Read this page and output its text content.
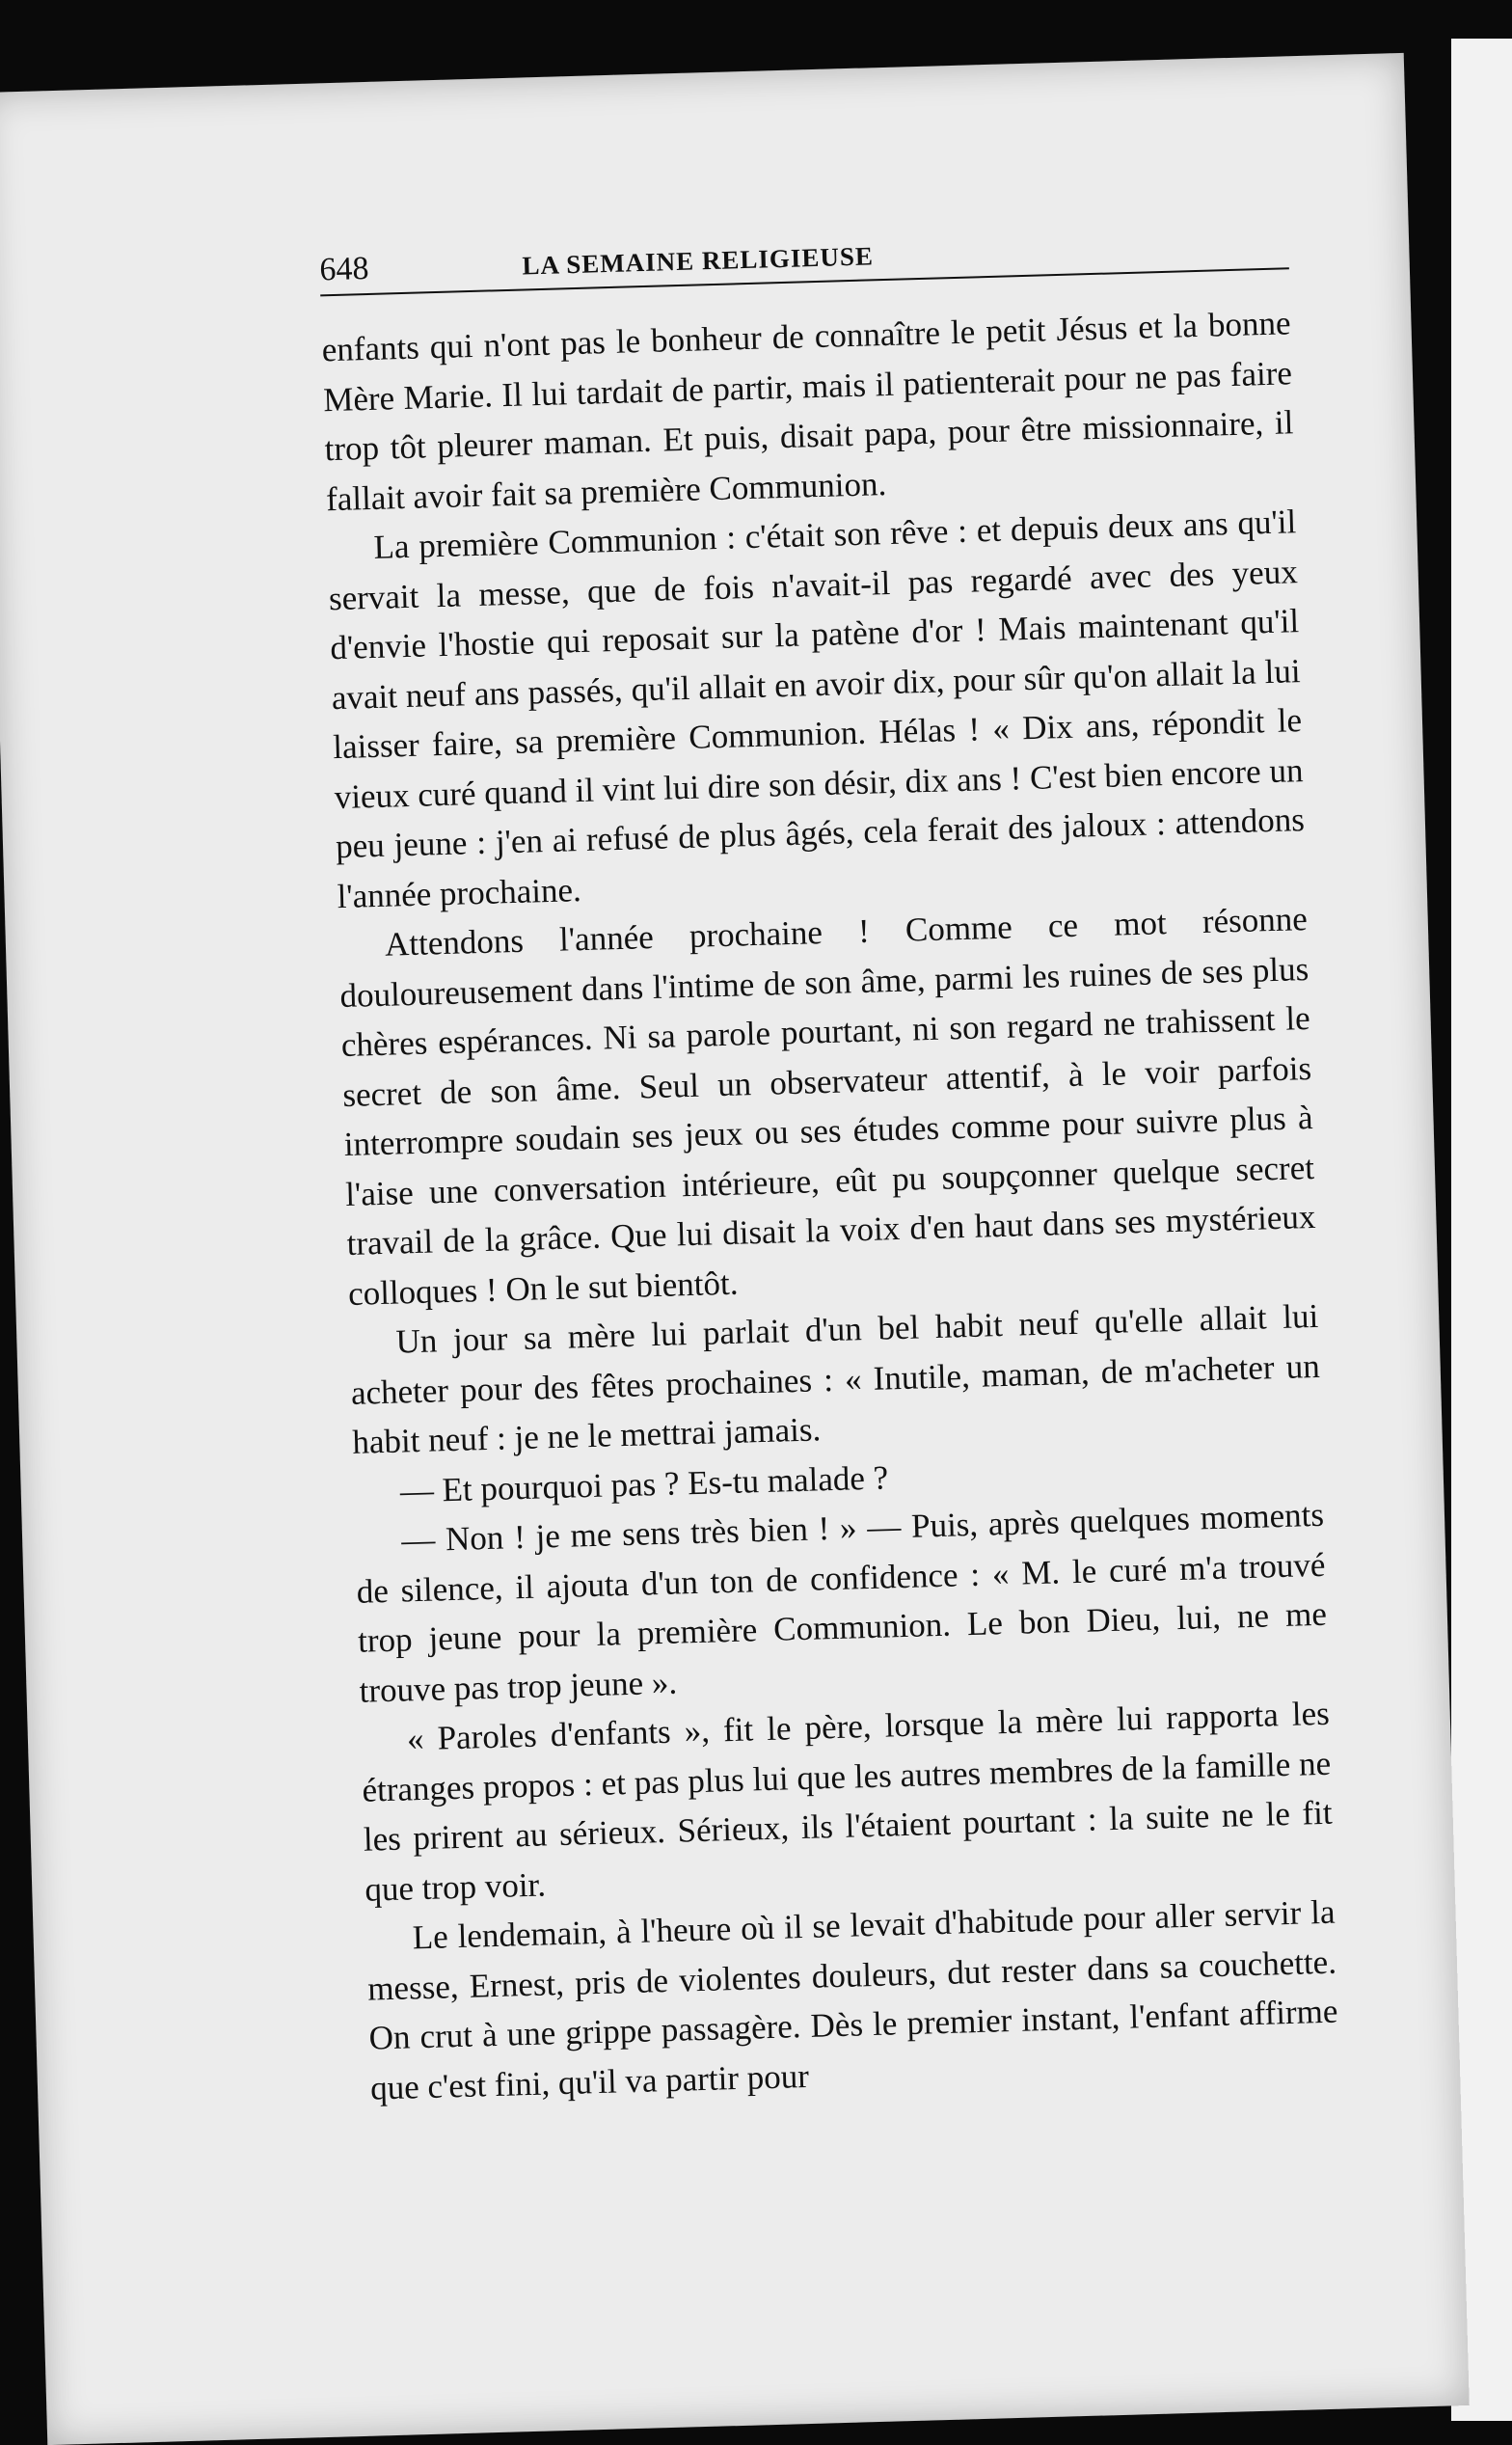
648	LA SEMAINE RELIGIEUSE

enfants qui n'ont pas le bonheur de connaître le petit Jésus et la bonne Mère Marie. Il lui tardait de partir, mais il patienterait pour ne pas faire trop tôt pleurer maman. Et puis, disait papa, pour être missionnaire, il fallait avoir fait sa première Communion.

La première Communion : c'était son rêve : et depuis deux ans qu'il servait la messe, que de fois n'avait-il pas regardé avec des yeux d'envie l'hostie qui reposait sur la patène d'or ! Mais maintenant qu'il avait neuf ans passés, qu'il allait en avoir dix, pour sûr qu'on allait la lui laisser faire, sa première Communion. Hélas ! « Dix ans, répondit le vieux curé quand il vint lui dire son désir, dix ans ! C'est bien encore un peu jeune : j'en ai refusé de plus âgés, cela ferait des jaloux : attendons l'année prochaine.

Attendons l'année prochaine ! Comme ce mot résonne douloureusement dans l'intime de son âme, parmi les ruines de ses plus chères espérances. Ni sa parole pourtant, ni son regard ne trahissent le secret de son âme. Seul un observateur attentif, à le voir parfois interrompre soudain ses jeux ou ses études comme pour suivre plus à l'aise une conversation intérieure, eût pu soupçonner quelque secret travail de la grâce. Que lui disait la voix d'en haut dans ses mystérieux colloques ! On le sut bientôt.

Un jour sa mère lui parlait d'un bel habit neuf qu'elle allait lui acheter pour des fêtes prochaines : « Inutile, maman, de m'acheter un habit neuf : je ne le mettrai jamais.

— Et pourquoi pas ? Es-tu malade ?

— Non ! je me sens très bien ! » — Puis, après quelques moments de silence, il ajouta d'un ton de confidence : « M. le curé m'a trouvé trop jeune pour la première Communion. Le bon Dieu, lui, ne me trouve pas trop jeune ».

« Paroles d'enfants », fit le père, lorsque la mère lui rapporta les étranges propos : et pas plus lui que les autres membres de la famille ne les prirent au sérieux. Sérieux, ils l'étaient pourtant : la suite ne le fit que trop voir.

Le lendemain, à l'heure où il se levait d'habitude pour aller servir la messe, Ernest, pris de violentes douleurs, dut rester dans sa couchette. On crut à une grippe passagère. Dès le premier instant, l'enfant affirme que c'est fini, qu'il va partir pour
